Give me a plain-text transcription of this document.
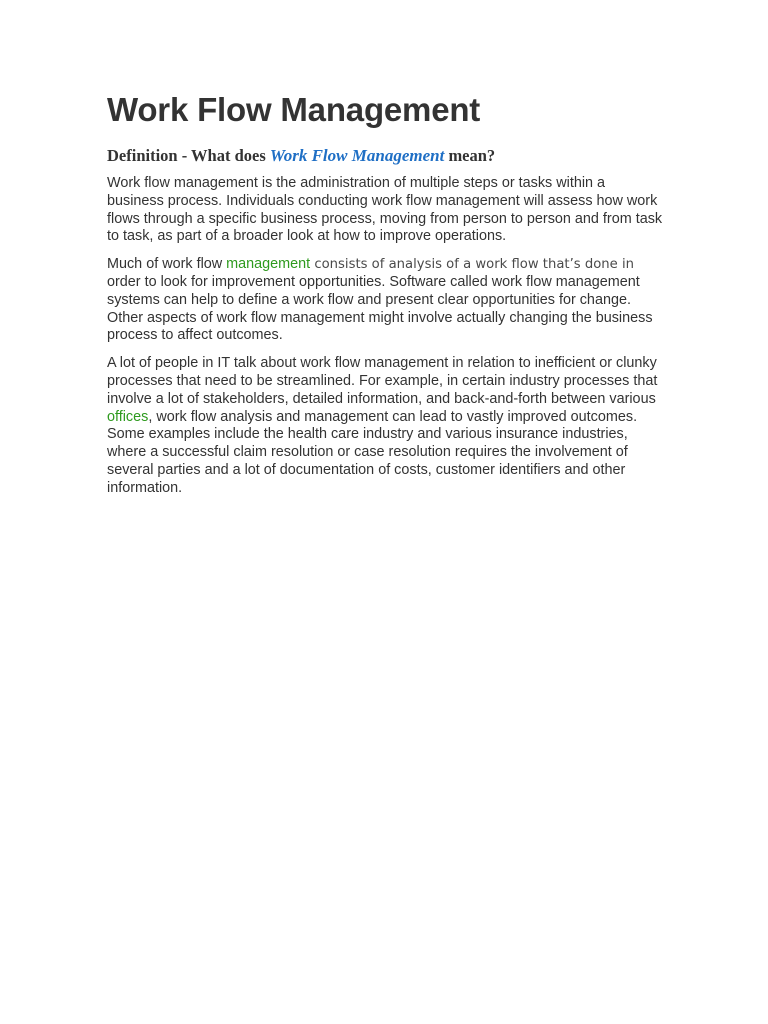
Work Flow Management

Definition - What does Work Flow Management mean?

Work flow management is the administration of multiple steps or tasks within a business process. Individuals conducting work flow management will assess how work flows through a specific business process, moving from person to person and from task to task, as part of a broader look at how to improve operations.

Much of work flow management consists of analysis of a work flow that’s done in order to look for improvement opportunities. Software called work flow management systems can help to define a work flow and present clear opportunities for change. Other aspects of work flow management might involve actually changing the business process to affect outcomes.

A lot of people in IT talk about work flow management in relation to inefficient or clunky processes that need to be streamlined. For example, in certain industry processes that involve a lot of stakeholders, detailed information, and back-and-forth between various offices, work flow analysis and management can lead to vastly improved outcomes. Some examples include the health care industry and various insurance industries, where a successful claim resolution or case resolution requires the involvement of several parties and a lot of documentation of costs, customer identifiers and other information.
